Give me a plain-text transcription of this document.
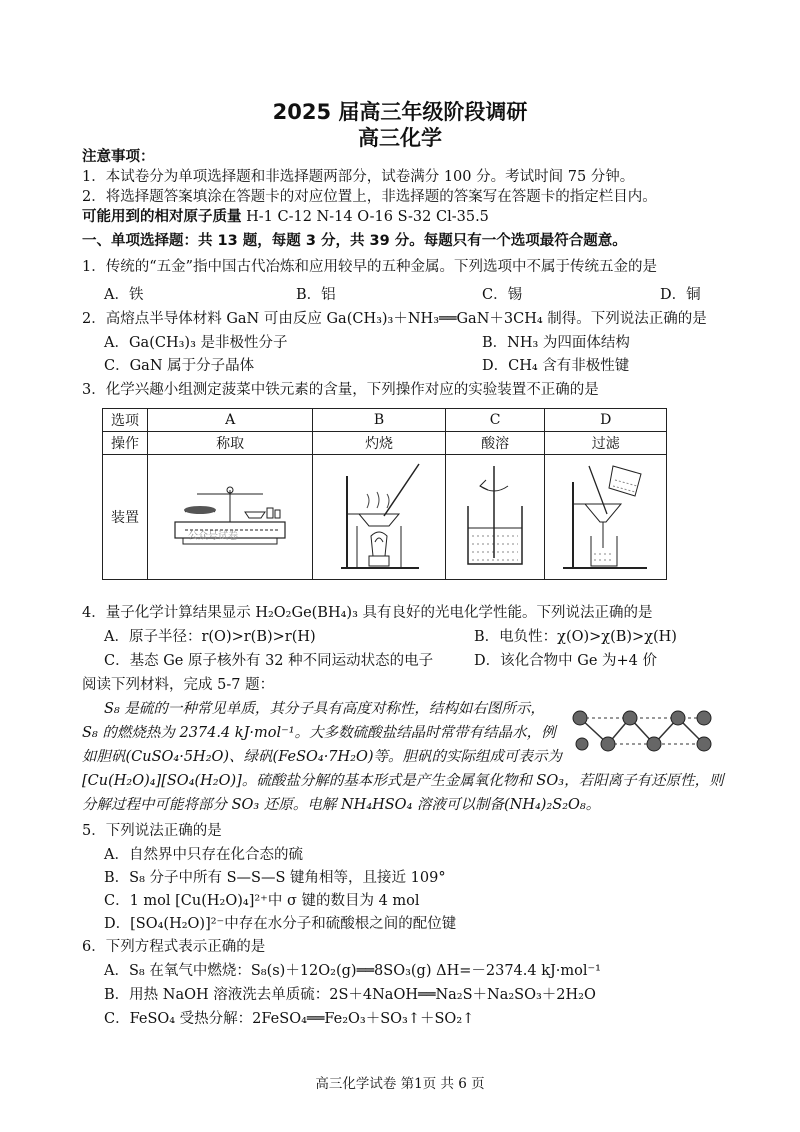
2025 届高三年级阶段调研
高三化学
注意事项：
1．本试卷分为单项选择题和非选择题两部分，试卷满分 100 分。考试时间 75 分钟。
2．将选择题答案填涂在答题卡的对应位置上，非选择题的答案写在答题卡的指定栏目内。
可能用到的相对原子质量 H-1 C-12 N-14 O-16 S-32 Cl-35.5
一、单项选择题：共 13 题，每题 3 分，共 39 分。每题只有一个选项最符合题意。
1．传统的“五金”指中国古代冶炼和应用较早的五种金属。下列选项中不属于传统五金的是
A．铁	B．铝	C．锡	D．铜
2．高熔点半导体材料 GaN 可由反应 Ga(CH₃)₃＋NH₃══GaN＋3CH₄ 制得。下列说法正确的是
A．Ga(CH₃)₃ 是非极性分子	B．NH₃ 为四面体结构
C．GaN 属于分子晶体	D．CH₄ 含有非极性键
3．化学兴趣小组测定菠菜中铁元素的含量，下列操作对应的实验装置不正确的是
选项	A	B	C	D
操作	称取	灼烧	酸溶	过滤
装置	公众号试卷

4．量子化学计算结果显示 H₂O₂Ge(BH₄)₃ 具有良好的光电化学性能。下列说法正确的是
A．原子半径：r(O)>r(B)>r(H)	B．电负性：χ(O)>χ(B)>χ(H)
C．基态 Ge 原子核外有 32 种不同运动状态的电子	D．该化合物中 Ge 为+4 价
阅读下列材料，完成 5-7 题：
S₈ 是硫的一种常见单质，其分子具有高度对称性，结构如右图所示，
S₈ 的燃烧热为 2374.4 kJ·mol⁻¹。大多数硫酸盐结晶时常带有结晶水，例
如胆矾(CuSO₄·5H₂O)、绿矾(FeSO₄·7H₂O)等。胆矾的实际组成可表示为
[Cu(H₂O)₄][SO₄(H₂O)]。硫酸盐分解的基本形式是产生金属氧化物和 SO₃，若阳离子有还原性，则
分解过程中可能将部分 SO₃ 还原。电解 NH₄HSO₄ 溶液可以制备(NH₄)₂S₂O₈。
5．下列说法正确的是
A．自然界中只存在化合态的硫
B．S₈ 分子中所有 S—S—S 键角相等，且接近 109°
C．1 mol [Cu(H₂O)₄]²⁺中 σ 键的数目为 4 mol
D．[SO₄(H₂O)]²⁻中存在水分子和硫酸根之间的配位键
6．下列方程式表示正确的是
A．S₈ 在氧气中燃烧：S₈(s)＋12O₂(g)══8SO₃(g) ΔH=－2374.4 kJ·mol⁻¹
B．用热 NaOH 溶液洗去单质硫：2S＋4NaOH══Na₂S＋Na₂SO₃＋2H₂O
C．FeSO₄ 受热分解：2FeSO₄══Fe₂O₃＋SO₃↑＋SO₂↑
高三化学试卷 第1页 共 6 页
